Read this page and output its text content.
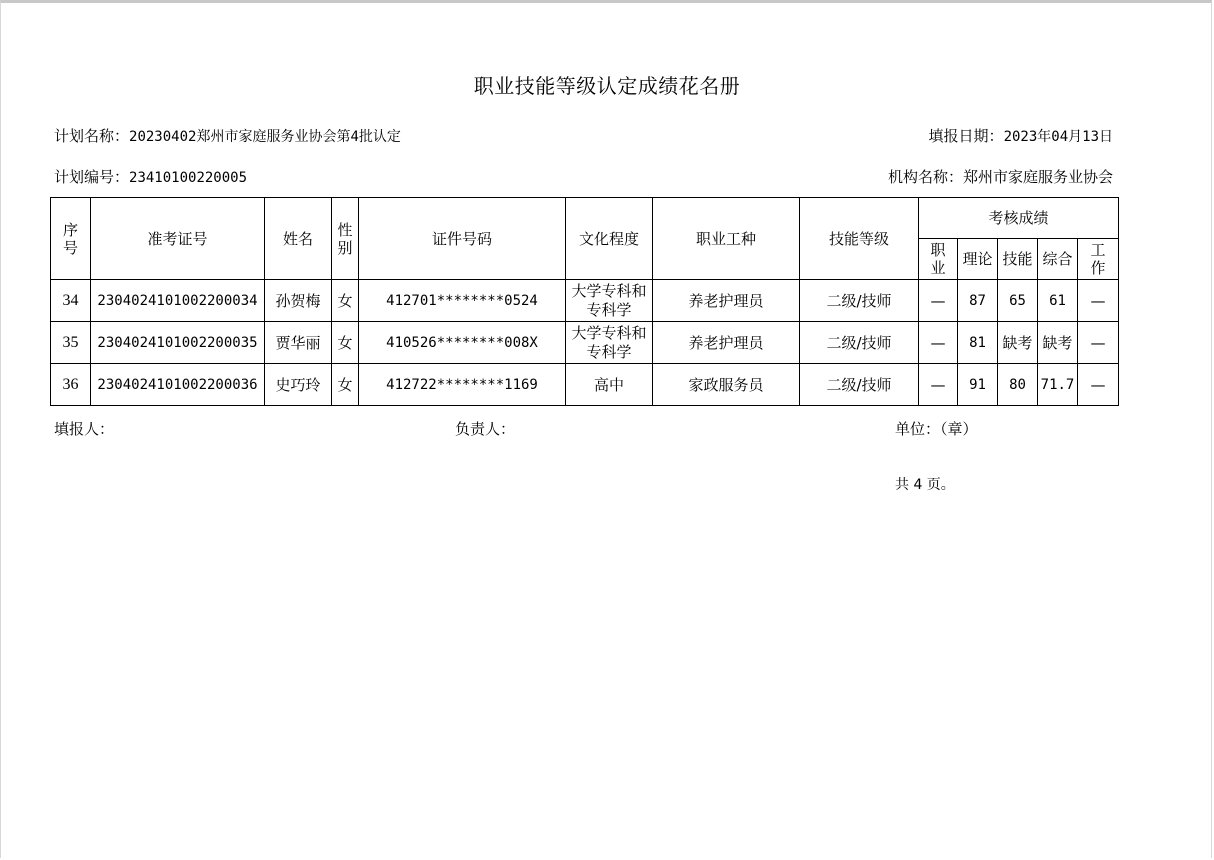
职业技能等级认定成绩花名册
计划名称：20230402郑州市家庭服务业协会第4批认定	填报日期：2023年04月13日
计划编号：23410100220005	机构名称：郑州市家庭服务业协会
序号	准考证号	姓名	性别	证件号码	文化程度	职业工种	技能等级	考核成绩				
								职业	理论	技能	综合	工作
34	2304024101002200034	孙贺梅	女	412701********0524	大学专科和专科学	养老护理员	二级/技师	—	87	65	61	—
35	2304024101002200035	贾华丽	女	410526********008X	大学专科和专科学	养老护理员	二级/技师	—	81	缺考	缺考	—
36	2304024101002200036	史巧玲	女	412722********1169	高中	家政服务员	二级/技师	—	91	80	71.7	—
填报人：	负责人：	单位：（章）
共 4 页。
